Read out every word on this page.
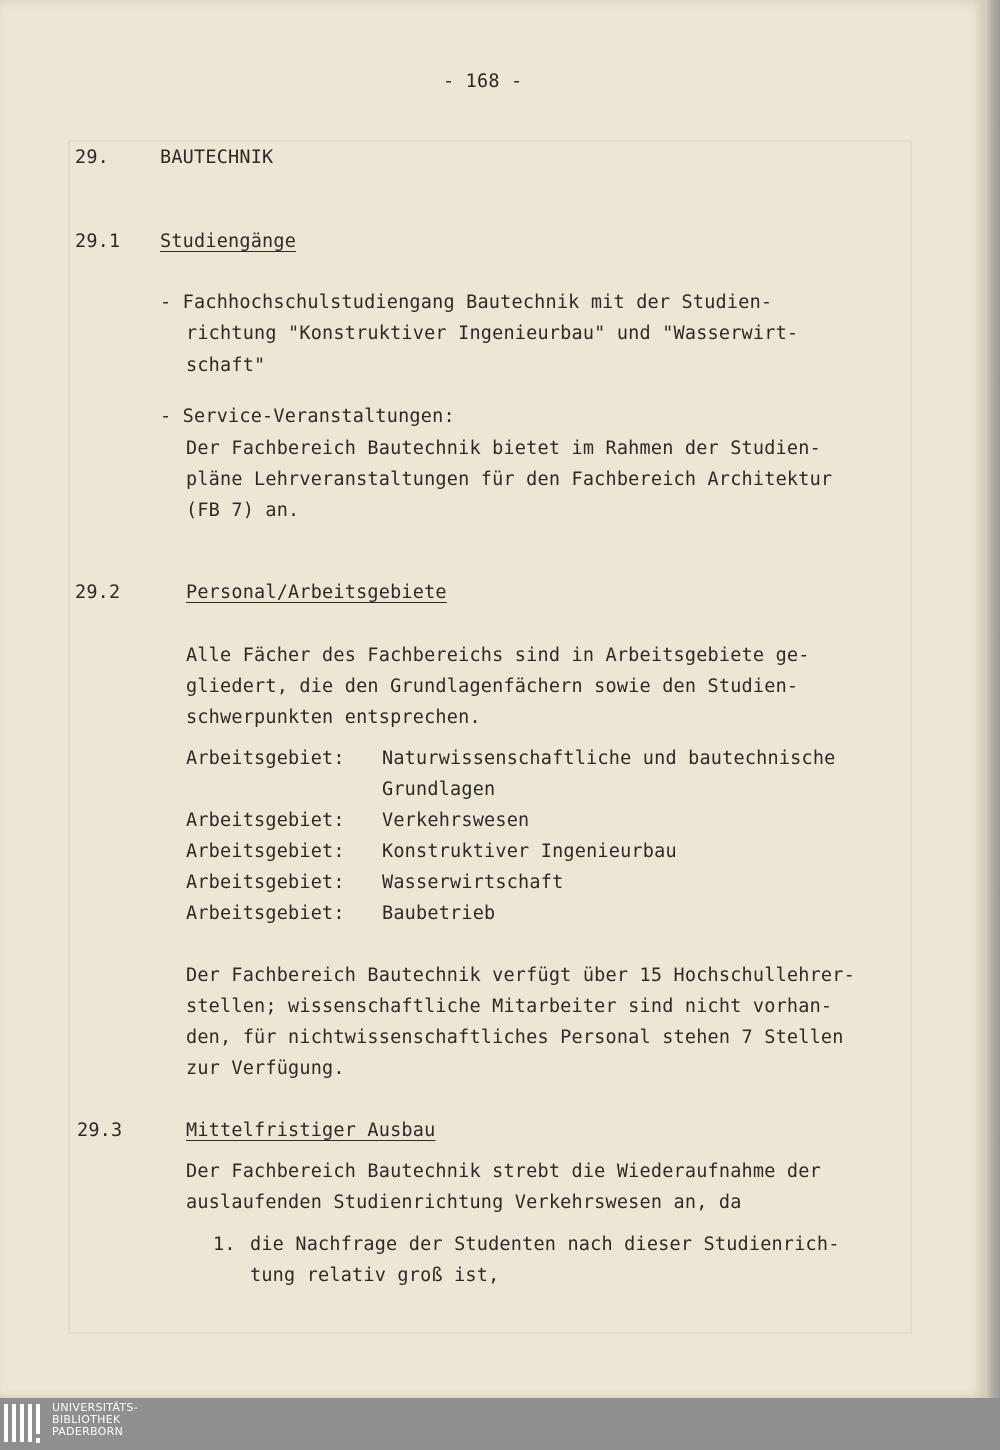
- 168 -
29.	BAUTECHNIK
29.1 Studiengänge
- Fachhochschulstudiengang Bautechnik mit der Studien-
richtung "Konstruktiver Ingenieurbau" und "Wasserwirt-
schaft"
- Service-Veranstaltungen:
Der Fachbereich Bautechnik bietet im Rahmen der Studien-
pläne Lehrveranstaltungen für den Fachbereich Architektur
(FB 7) an.
29.2	Personal/Arbeitsgebiete
Alle Fächer des Fachbereichs sind in Arbeitsgebiete ge-
gliedert, die den Grundlagenfächern sowie den Studien-
schwerpunkten entsprechen.
Arbeitsgebiet: Naturwissenschaftliche und bautechnische
Grundlagen
Arbeitsgebiet: Verkehrswesen
Arbeitsgebiet: Konstruktiver Ingenieurbau
Arbeitsgebiet: Wasserwirtschaft
Arbeitsgebiet: Baubetrieb
Der Fachbereich Bautechnik verfügt über 15 Hochschullehrer-
stellen; wissenschaftliche Mitarbeiter sind nicht vorhan-
den, für nichtwissenschaftliches Personal stehen 7 Stellen
zur Verfügung.
29.3	Mittelfristiger Ausbau
Der Fachbereich Bautechnik strebt die Wiederaufnahme der
auslaufenden Studienrichtung Verkehrswesen an, da
1. die Nachfrage der Studenten nach dieser Studienrich-
tung relativ groß ist,
UNIVERSITÄTS-
BIBLIOTHEK
PADERBORN
